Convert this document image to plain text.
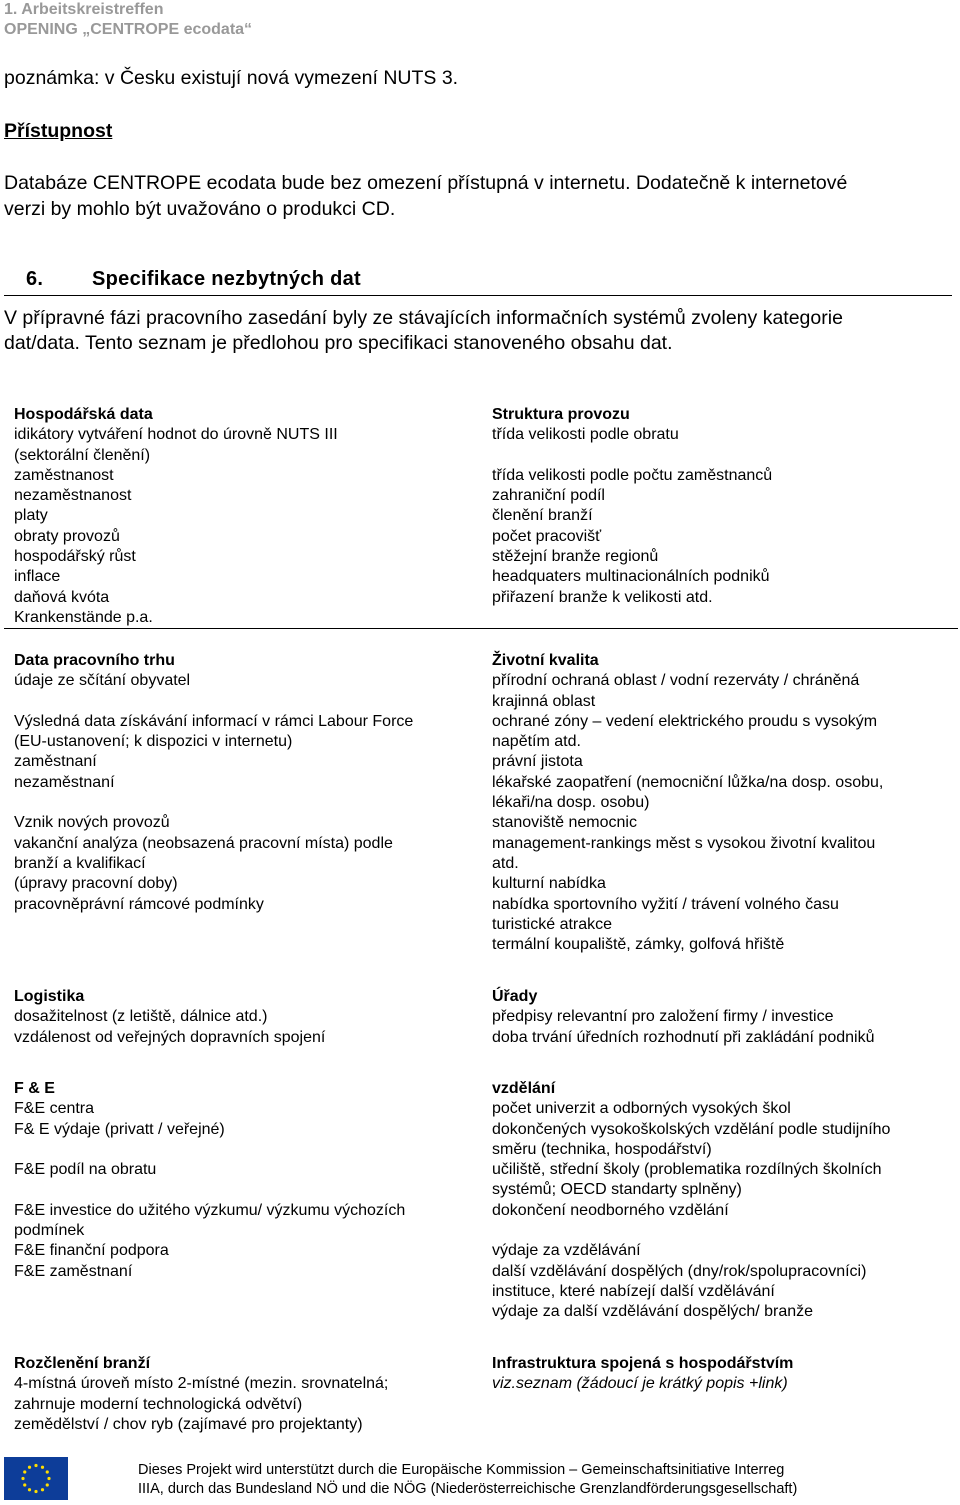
1. Arbeitskreistreffen
OPENING „CENTROPE ecodata“
poznámka: v Česku existují nová vymezení NUTS 3.
Přístupnost
Databáze CENTROPE ecodata bude bez omezení přístupná v internetu. Dodatečně k internetové
verzi by mohlo být uvažováno o produkci CD.
6. Specifikace nezbytných dat
V přípravné fázi pracovního zasedání byly ze stávajících informačních systémů zvoleny kategorie
dat/data. Tento seznam je předlohou pro specifikaci stanoveného obsahu dat.
Hospodářská data
idikátory vytváření hodnot do úrovně NUTS III
(sektorální členění)
zaměstnanost
nezaměstnanost
platy
obraty provozů
hospodářský růst
inflace
daňová kvóta
Krankenstände p.a.
Struktura provozu
třída velikosti podle obratu

třída velikosti podle počtu zaměstnanců
zahraniční podíl
členění branží
počet pracovišť
stěžejní branže regionů
headquaters multinacionálních podniků
přiřazení branže k velikosti atd.
Data pracovního trhu
údaje ze sčítání obyvatel

Výsledná data získávání informací v rámci Labour Force
(EU-ustanovení; k dispozici v internetu)
zaměstnaní
nezaměstnaní

Vznik nových provozů
vakanční analýza (neobsazená pracovní místa) podle
branží a kvalifikací
(úpravy pracovní doby)
pracovněprávní rámcové podmínky
Životní kvalita
přírodní ochraná oblast / vodní rezerváty / chráněná
krajinná oblast
ochrané zóny – vedení elektrického proudu s vysokým
napětím atd.
právní jistota
lékařské zaopatření (nemocniční lůžka/na dosp. osobu,
lékaři/na dosp. osobu)
stanoviště nemocnic
management-rankings měst s vysokou životní kvalitou
atd.
kulturní nabídka
nabídka sportovního vyžití / trávení volného času
turistické atrakce
termální koupaliště, zámky, golfová hřiště
Logistika
dosažitelnost (z letiště, dálnice atd.)
vzdálenost od veřejných dopravních spojení
Úřady
předpisy relevantní pro založení firmy / investice
doba trvání úředních rozhodnutí při zakládání podniků
F & E
F&E centra
F& E výdaje (privatt / veřejné)

F&E podíl na obratu

F&E investice do užitého výzkumu/ výzkumu výchozích
podmínek
F&E finanční podpora
F&E zaměstnaní
vzdělání
počet univerzit a odborných vysokých škol
dokončených vysokoškolských vzdělání podle studijního
směru (technika, hospodářství)
učiliště, střední školy (problematika rozdílných školních
systémů; OECD standarty splněny)
dokončení neodborného vzdělání

výdaje za vzdělávání
další vzdělávání dospělých (dny/rok/spolupracovníci)
instituce, které nabízejí další vzdělávání
výdaje za další vzdělávání dospělých/ branže
Rozčlenění branží
4-místná úroveň místo 2-místné (mezin. srovnatelná;
zahrnuje moderní technologická odvětví)
zemědělství / chov ryb (zajímavé pro projektanty)
Infrastruktura spojená s hospodářstvím
viz.seznam (žádoucí je krátký popis +link)
Dieses Projekt wird unterstützt durch die Europäische Kommission – Gemeinschaftsinitiative Interreg
IIIA, durch das Bundesland NÖ und die NÖG (Niederösterreichische Grenzlandförderungsgesellschaft)
